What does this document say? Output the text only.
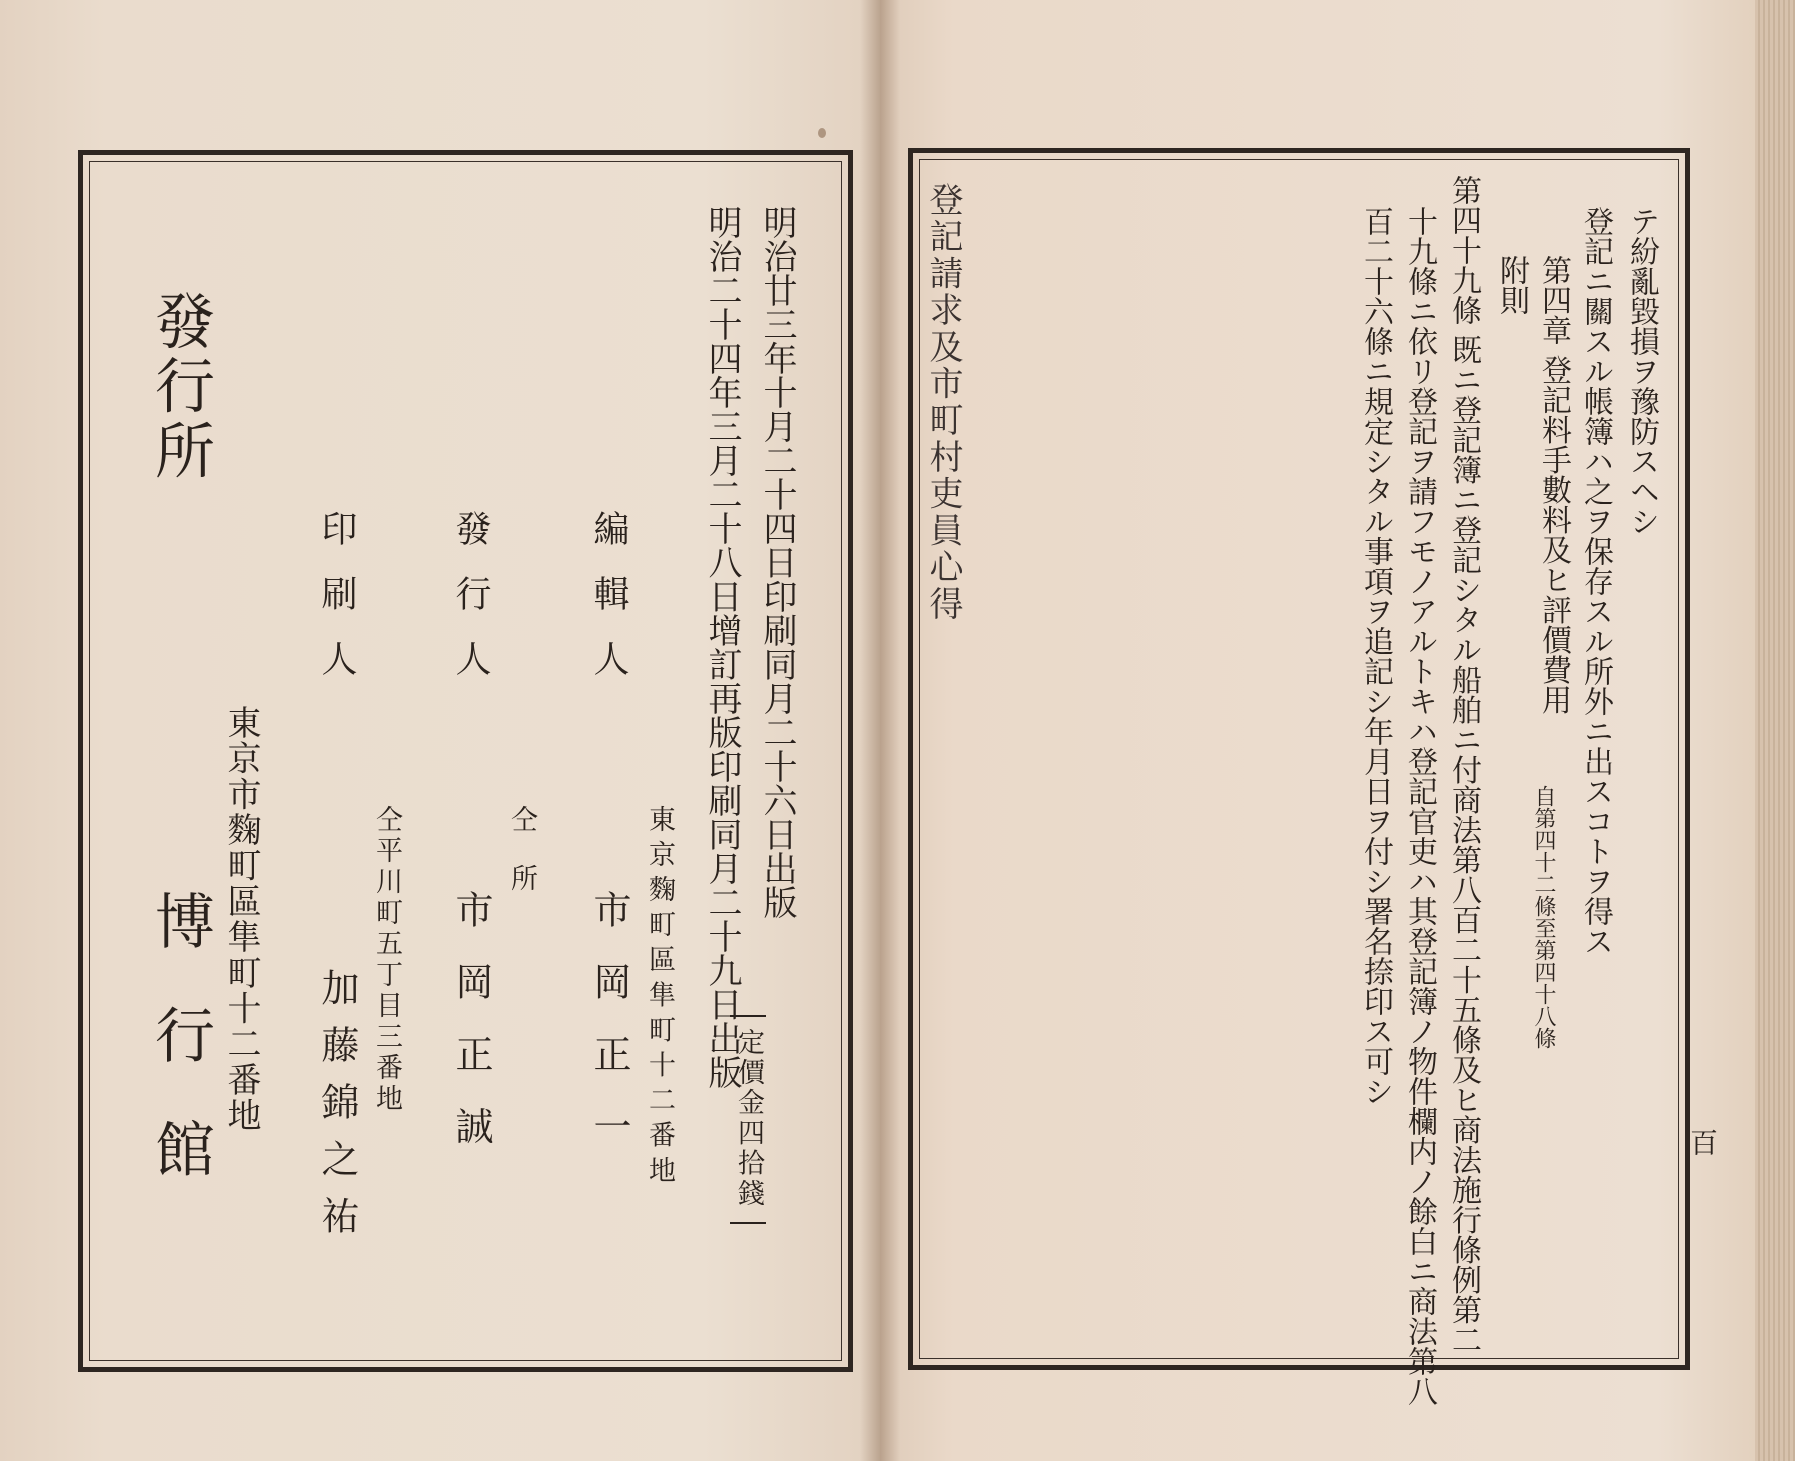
明治廿三年十月二十四日印刷同月二十六日出版
明治二十四年三月二十八日增訂再版印刷同月二十九日出版
定價金四拾錢
編輯人
東京麴町區隼町十二番地
市岡正一
發行人
仝所
市岡正誠
印刷人
仝平川町五丁目三番地
加藤錦之祐
發行所
東京市麴町區隼町十二番地
博行館
登記請求及市町村吏員心得	テ紛亂毀損ヲ豫防スヘシ
登記ニ關スル帳簿ハ之ヲ保存スル所外ニ出スコトヲ得ス
第四章 登記料手數料及ヒ評價費用
自第四十二條至第四十八條
附則
第四十九條 既ニ登記簿ニ登記シタル船舶ニ付商法第八百二十五條及ヒ商法施行條例第二
十九條ニ依リ登記ヲ請フモノアルトキハ登記官吏ハ其登記簿ノ物件欄内ノ餘白ニ商法第八
百二十六條ニ規定シタル事項ヲ追記シ年月日ヲ付シ署名捺印ス可シ
百
